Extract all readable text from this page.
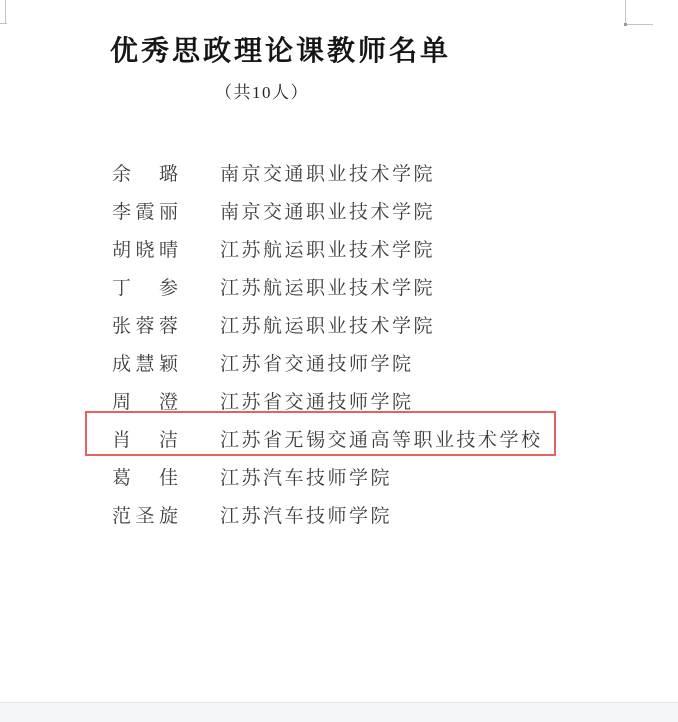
优秀思政理论课教师名单
（共10人）
余 璐 南京交通职业技术学院
李 霞 丽 南京交通职业技术学院
胡 晓 晴 江苏航运职业技术学院
丁 参 江苏航运职业技术学院
张 蓉 蓉 江苏航运职业技术学院
成 慧 颖 江苏省交通技师学院
周 澄 江苏省交通技师学院
肖 洁 江苏省无锡交通高等职业技术学校
葛 佳 江苏汽车技师学院
范 圣 旋 江苏汽车技师学院
